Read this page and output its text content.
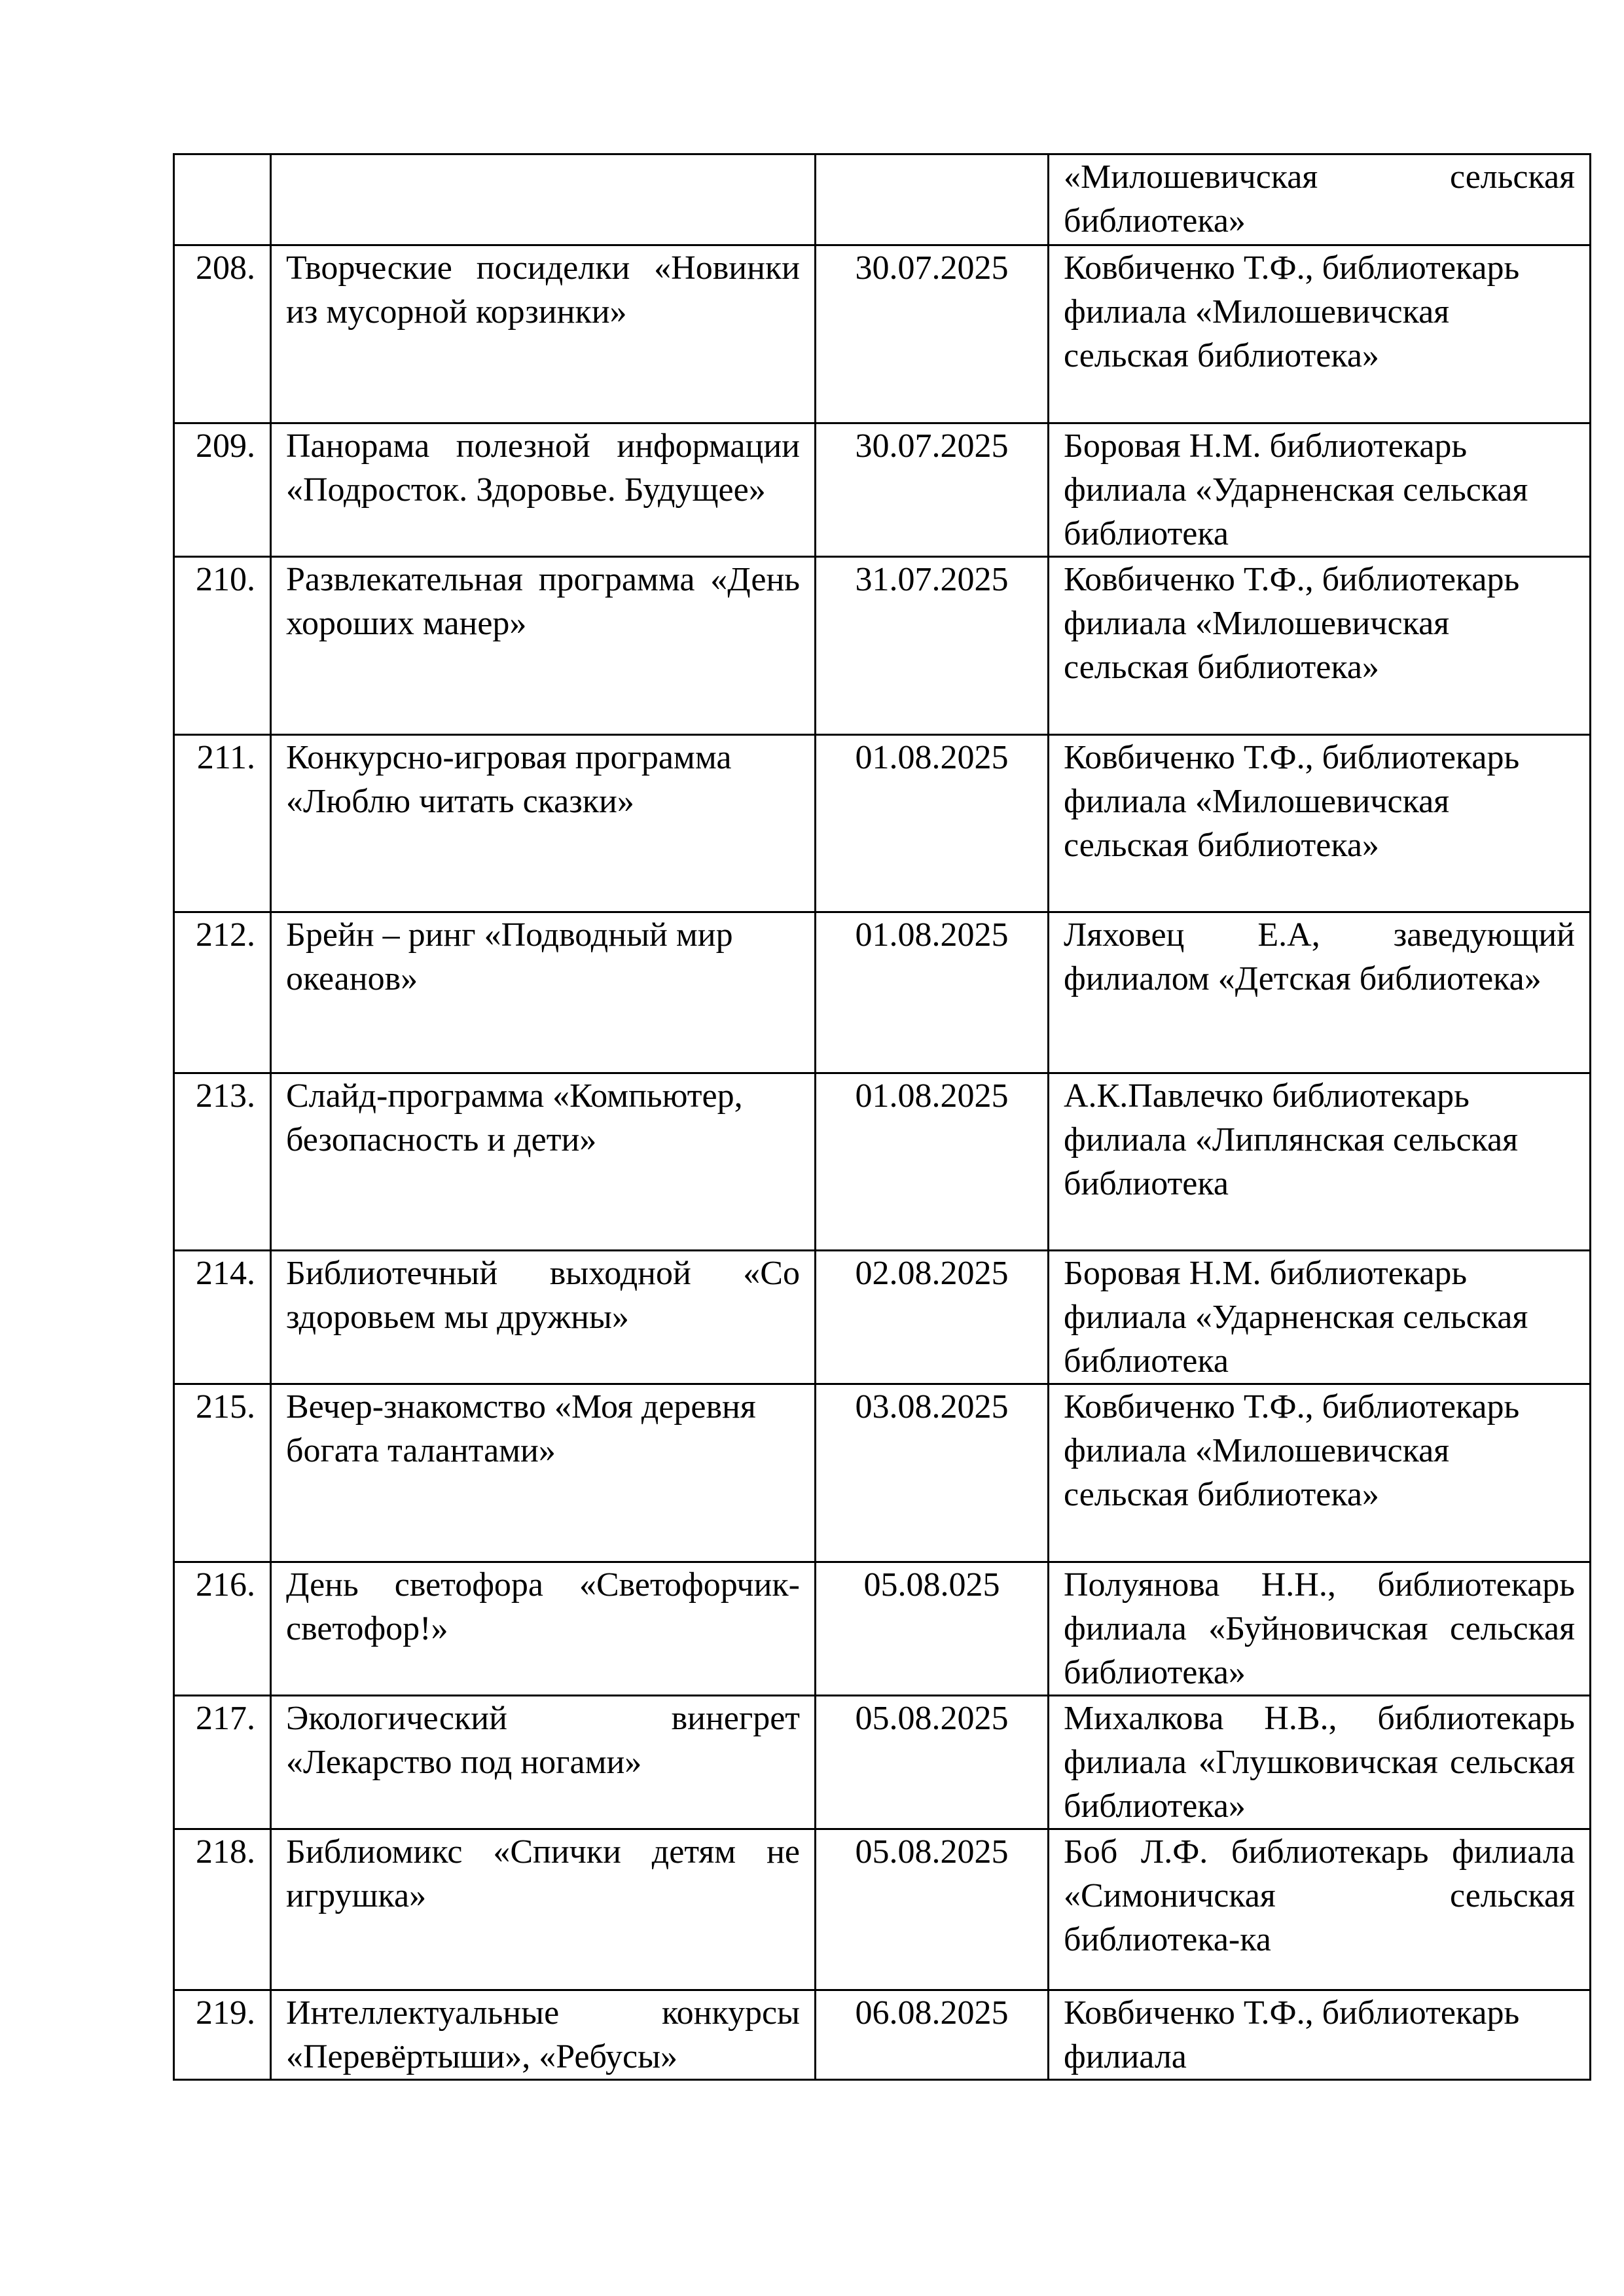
			«Милошевичская сельская библиотека»
208.	Творческие посиделки «Новинки из мусорной корзинки»	30.07.2025	Ковбиченко Т.Ф., библиотекарь филиала «Милошевичская сельская библиотека»
209.	Панорама полезной информации «Подросток. Здоровье. Будущее»	30.07.2025	Боровая Н.М. библиотекарь филиала «Ударненская сельская библиотека
210.	Развлекательная программа «День хороших манер»	31.07.2025	Ковбиченко Т.Ф., библиотекарь филиала «Милошевичская сельская библиотека»
211.	Конкурсно-игровая программа «Люблю читать сказки»	01.08.2025	Ковбиченко Т.Ф., библиотекарь филиала «Милошевичская сельская библиотека»
212.	Брейн – ринг «Подводный мир океанов»	01.08.2025	Ляховец Е.А, заведующий филиалом «Детская библиотека»
213.	Слайд-программа «Компьютер, безопасность и дети»	01.08.2025	А.К.Павлечко библиотекарь филиала «Липлянская сельская библиотека
214.	Библиотечный выходной «Со здоровьем мы дружны»	02.08.2025	Боровая Н.М. библиотекарь филиала «Ударненская сельская библиотека
215.	Вечер-знакомство «Моя деревня богата талантами»	03.08.2025	Ковбиченко Т.Ф., библиотекарь филиала «Милошевичская сельская библиотека»
216.	День светофора «Светофорчик-светофор!»	05.08.025	Полуянова Н.Н., библиотекарь филиала «Буйновичская сельская библиотека»
217.	Экологический винегрет «Лекарство под ногами»	05.08.2025	Михалкова Н.В., библиотекарь филиала «Глушковичская сельская библиотека»
218.	Библиомикс «Спички детям не игрушка»	05.08.2025	Боб Л.Ф. библиотекарь филиала «Симоничская сельская библиотека-ка
219.	Интеллектуальные конкурсы «Перевёртыши», «Ребусы»	06.08.2025	Ковбиченко Т.Ф., библиотекарь филиала
